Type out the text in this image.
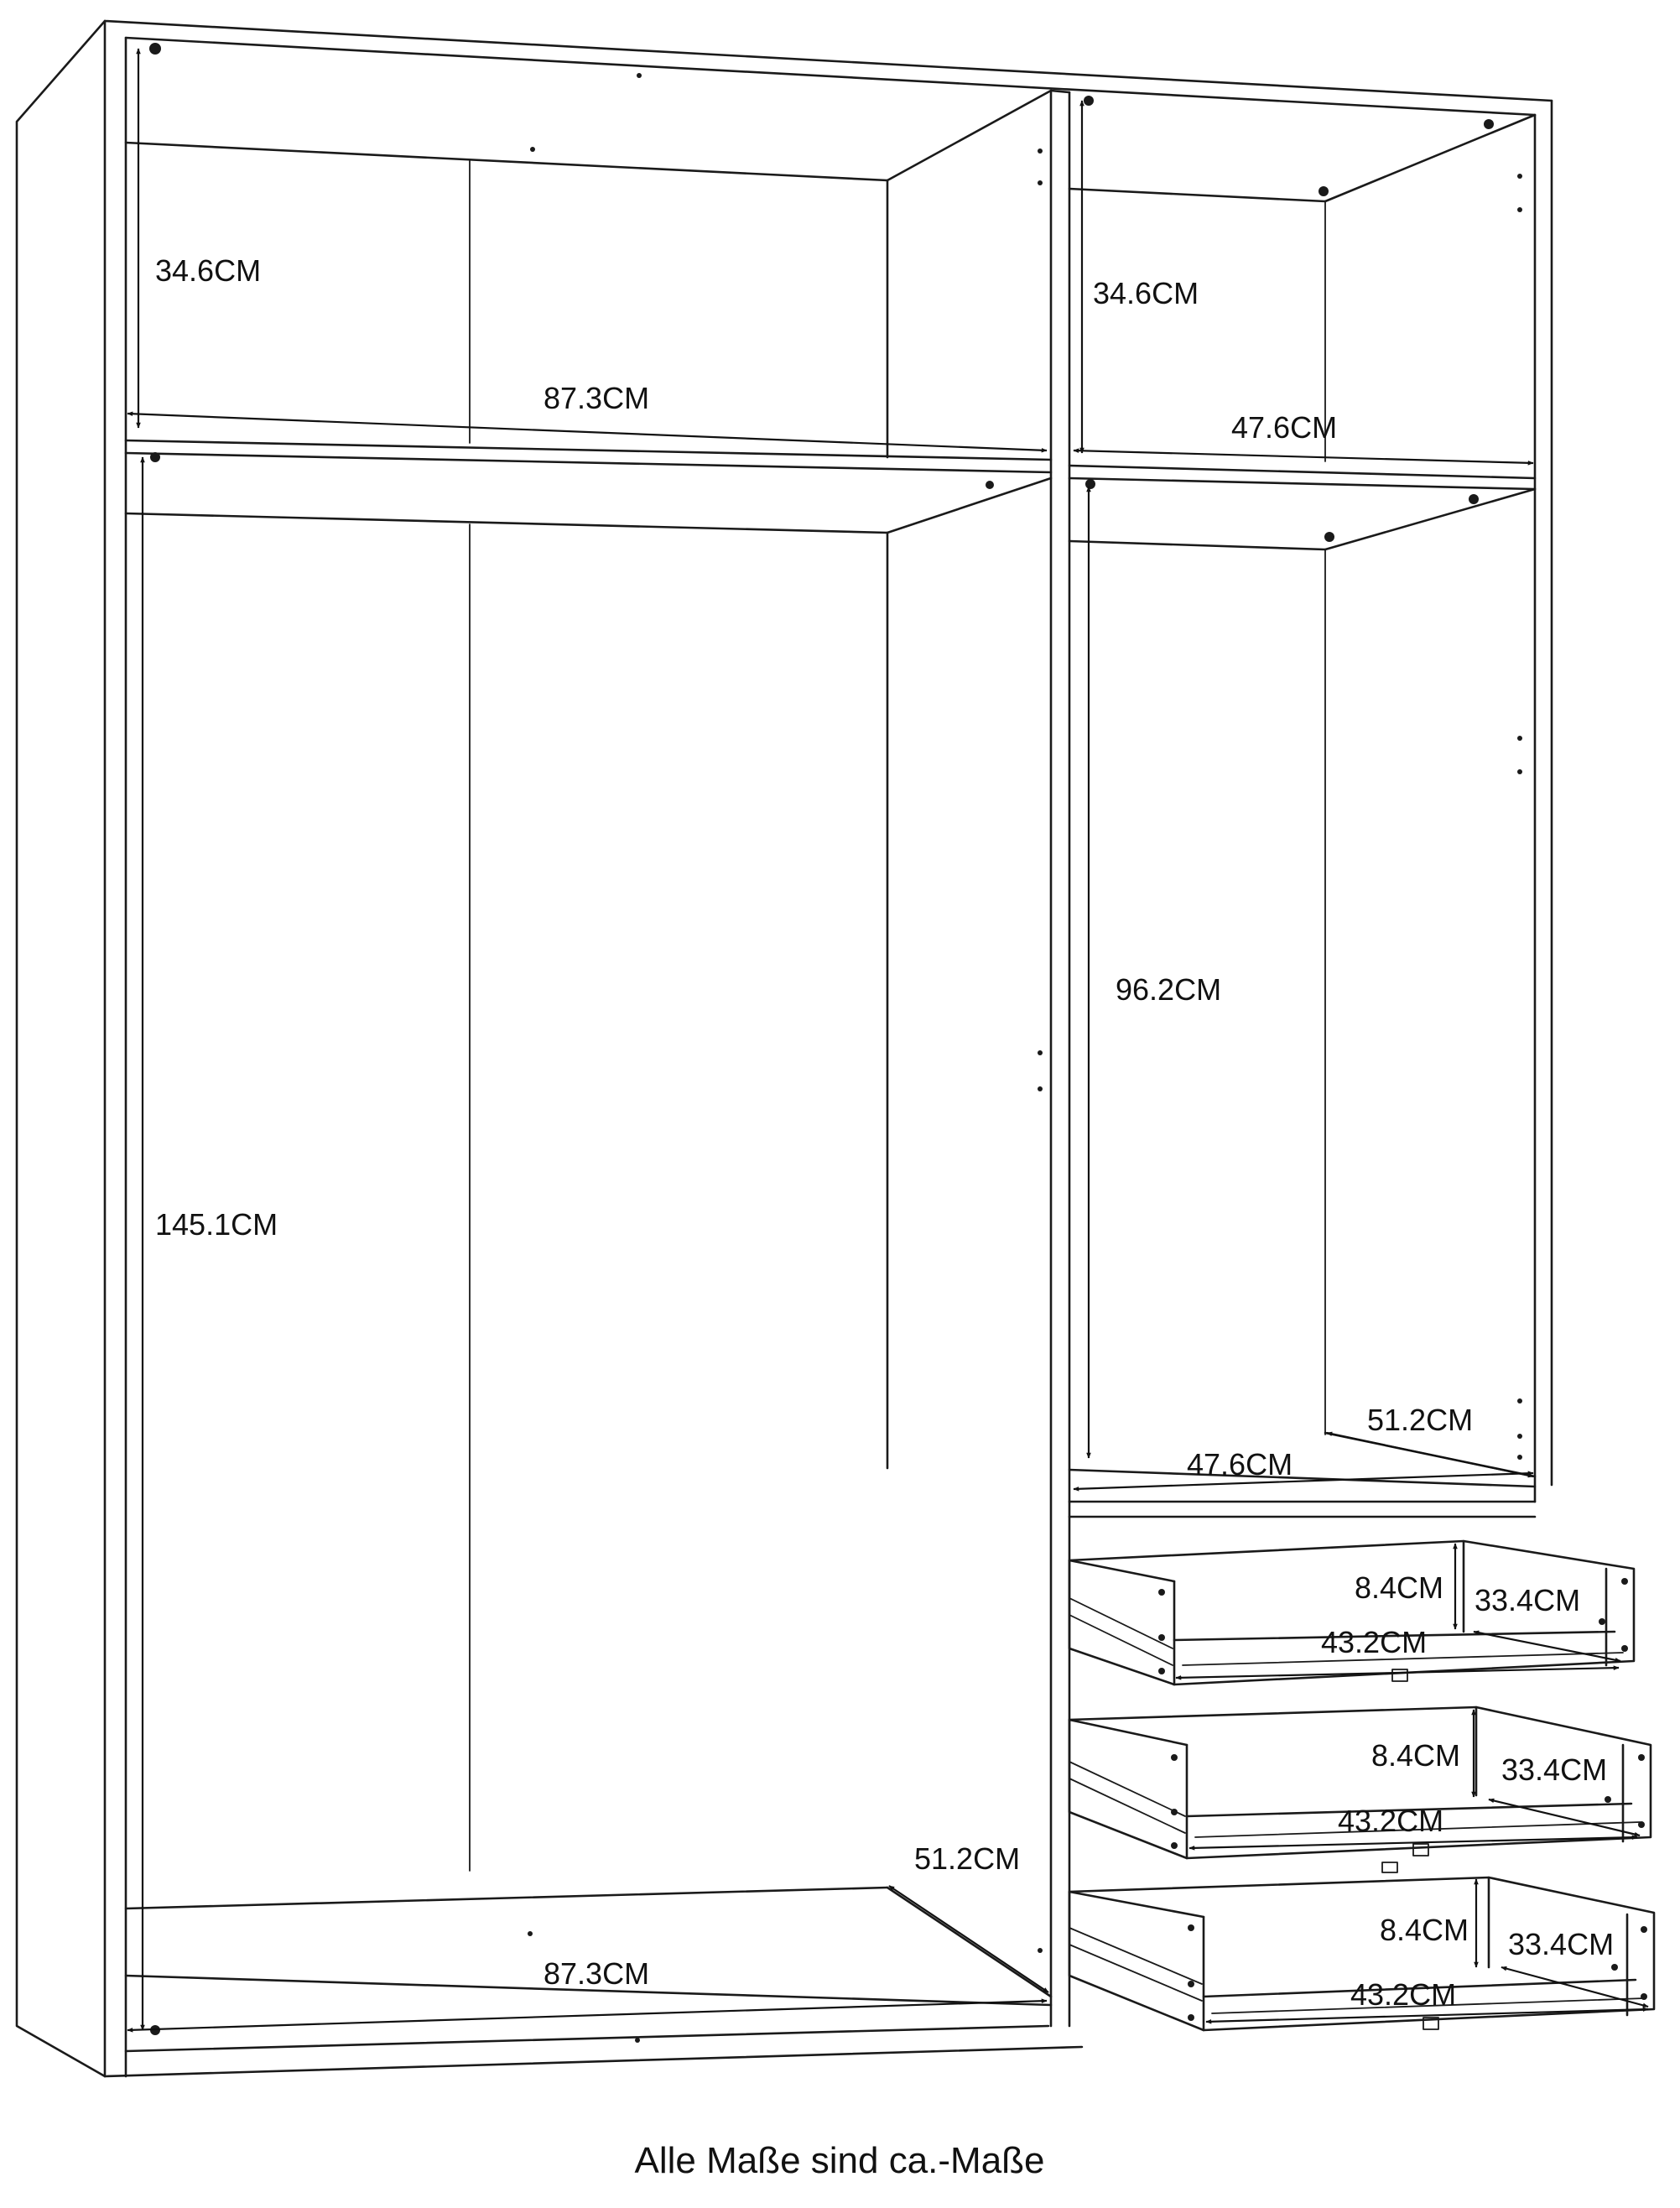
34.6CM
87.3CM
34.6CM
47.6CM
145.1CM
87.3CM
51.2CM
96.2CM
51.2CM
47.6CM
8.4CM 33.4CM
43.2CM
8.4CM 33.4CM
43.2CM
8.4CM 33.4CM
43.2CM
Alle Maße sind ca.-Maße
